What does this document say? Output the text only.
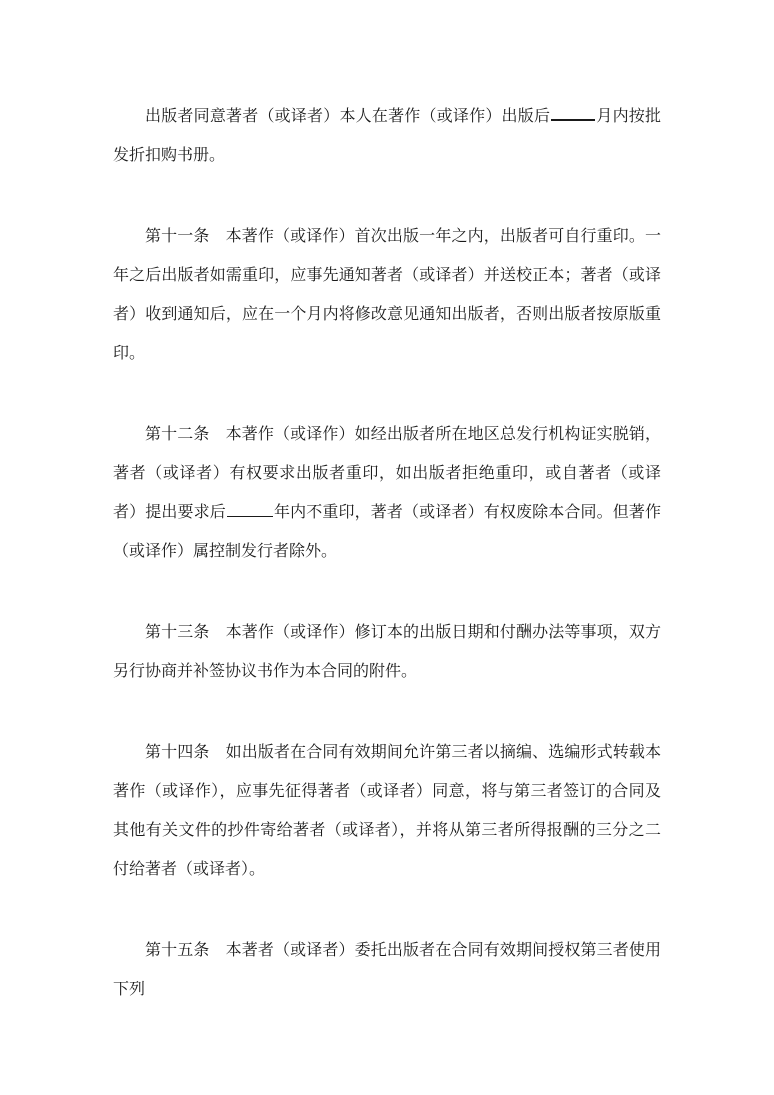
出版者同意著者（或译者）本人在著作（或译作）出版后	月内按批发折扣购书册。

第十一条　本著作（或译作）首次出版一年之内，出版者可自行重印。一年之后出版者如需重印，应事先通知著者（或译者）并送校正本；著者（或译者）收到通知后，应在一个月内将修改意见通知出版者，否则出版者按原版重印。

第十二条　本著作（或译作）如经出版者所在地区总发行机构证实脱销，著者（或译者）有权要求出版者重印，如出版者拒绝重印，或自著者（或译者）提出要求后	年内不重印，著者（或译者）有权废除本合同。但著作（或译作）属控制发行者除外。

第十三条　本著作（或译作）修订本的出版日期和付酬办法等事项，双方另行协商并补签协议书作为本合同的附件。

第十四条　如出版者在合同有效期间允许第三者以摘编、选编形式转载本著作（或译作），应事先征得著者（或译者）同意，将与第三者签订的合同及其他有关文件的抄件寄给著者（或译者），并将从第三者所得报酬的三分之二付给著者（或译者）。

第十五条　本著者（或译者）委托出版者在合同有效期间授权第三者使用下列
